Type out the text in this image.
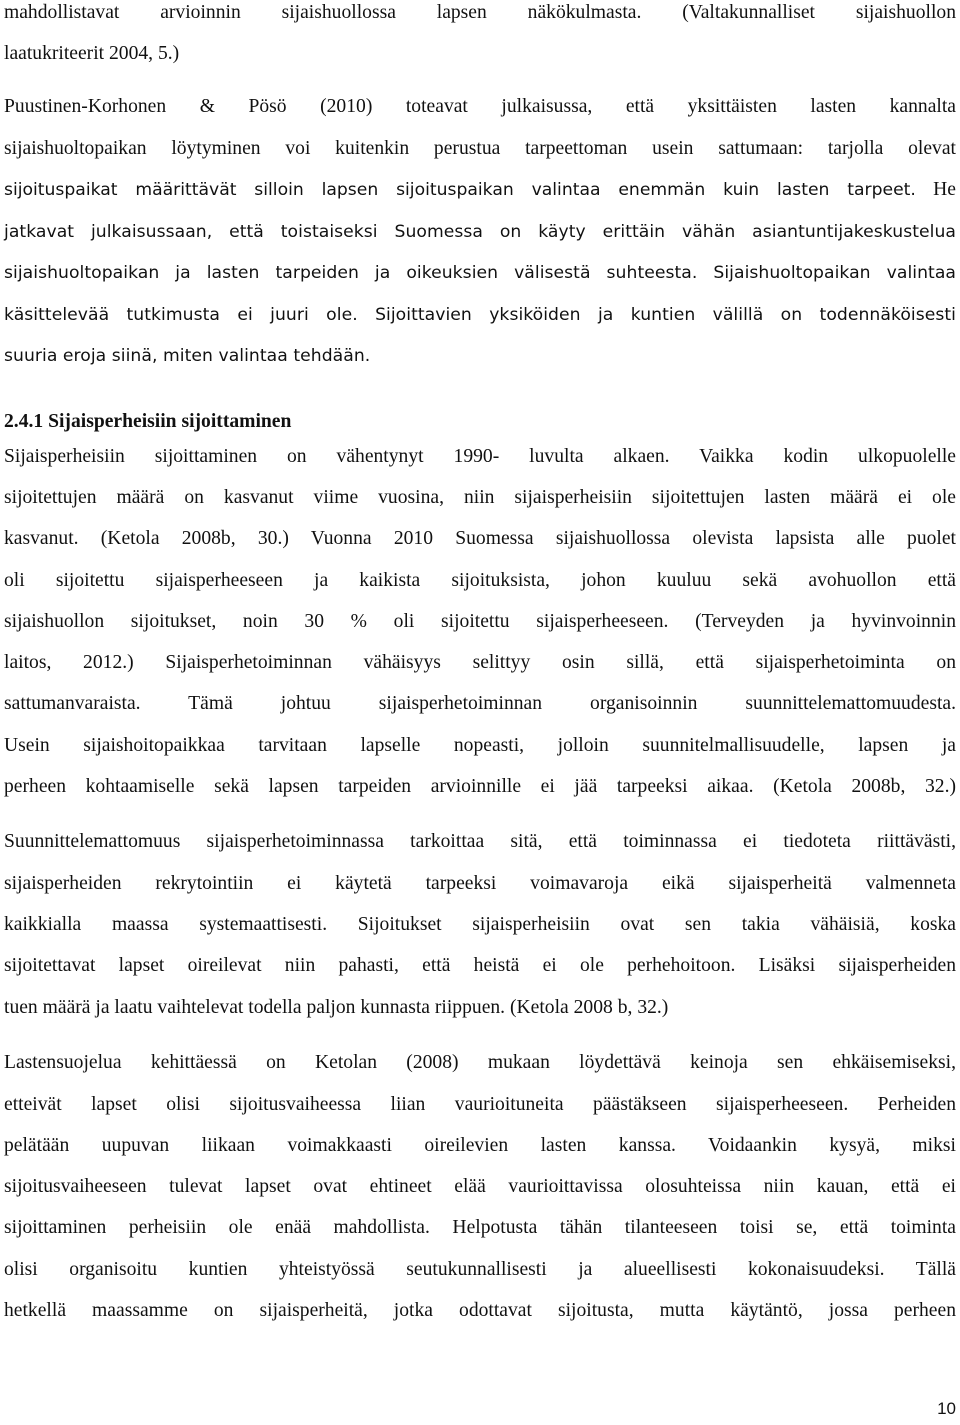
mahdollistavat arvioinnin sijaishuollossa lapsen näkökulmasta. (Valtakunnalliset sijaishuollon
laatukriteerit 2004, 5.)
Puustinen-Korhonen & Pösö (2010) toteavat julkaisussa, että yksittäisten lasten kannalta
sijaishuoltopaikan löytyminen voi kuitenkin perustua tarpeettoman usein sattumaan: tarjolla olevat
sijoituspaikat määrittävät silloin lapsen sijoituspaikan valintaa enemmän kuin lasten tarpeet. He
jatkavat julkaisussaan, että toistaiseksi Suomessa on käyty erittäin vähän asiantuntijakeskustelua
sijaishuoltopaikan ja lasten tarpeiden ja oikeuksien välisestä suhteesta. Sijaishuoltopaikan valintaa
käsittelevää tutkimusta ei juuri ole. Sijoittavien yksiköiden ja kuntien välillä on todennäköisesti
suuria eroja siinä, miten valintaa tehdään.
2.4.1 Sijaisperheisiin sijoittaminen
Sijaisperheisiin sijoittaminen on vähentynyt 1990- luvulta alkaen. Vaikka kodin ulkopuolelle
sijoitettujen määrä on kasvanut viime vuosina, niin sijaisperheisiin sijoitettujen lasten määrä ei ole
kasvanut. (Ketola 2008b, 30.) Vuonna 2010 Suomessa sijaishuollossa olevista lapsista alle puolet
oli sijoitettu sijaisperheeseen ja kaikista sijoituksista, johon kuuluu sekä avohuollon että
sijaishuollon sijoitukset, noin 30 % oli sijoitettu sijaisperheeseen. (Terveyden ja hyvinvoinnin
laitos, 2012.) Sijaisperhetoiminnan vähäisyys selittyy osin sillä, että sijaisperhetoiminta on
sattumanvaraista. Tämä johtuu sijaisperhetoiminnan organisoinnin suunnittelemattomuudesta.
Usein sijaishoitopaikkaa tarvitaan lapselle nopeasti, jolloin suunnitelmallisuudelle, lapsen ja
perheen kohtaamiselle sekä lapsen tarpeiden arvioinnille ei jää tarpeeksi aikaa. (Ketola 2008b, 32.)
Suunnittelemattomuus sijaisperhetoiminnassa tarkoittaa sitä, että toiminnassa ei tiedoteta riittävästi,
sijaisperheiden rekrytointiin ei käytetä tarpeeksi voimavaroja eikä sijaisperheitä valmenneta
kaikkialla maassa systemaattisesti. Sijoitukset sijaisperheisiin ovat sen takia vähäisiä, koska
sijoitettavat lapset oireilevat niin pahasti, että heistä ei ole perhehoitoon. Lisäksi sijaisperheiden
tuen määrä ja laatu vaihtelevat todella paljon kunnasta riippuen. (Ketola 2008 b, 32.)
Lastensuojelua kehittäessä on Ketolan (2008) mukaan löydettävä keinoja sen ehkäisemiseksi,
etteivät lapset olisi sijoitusvaiheessa liian vaurioituneita päästäkseen sijaisperheeseen. Perheiden
pelätään uupuvan liikaan voimakkaasti oireilevien lasten kanssa. Voidaankin kysyä, miksi
sijoitusvaiheeseen tulevat lapset ovat ehtineet elää vaurioittavissa olosuhteissa niin kauan, että ei
sijoittaminen perheisiin ole enää mahdollista. Helpotusta tähän tilanteeseen toisi se, että toiminta
olisi organisoitu kuntien yhteistyössä seutukunnallisesti ja alueellisesti kokonaisuudeksi. Tällä
hetkellä maassamme on sijaisperheitä, jotka odottavat sijoitusta, mutta käytäntö, jossa perheen
10
